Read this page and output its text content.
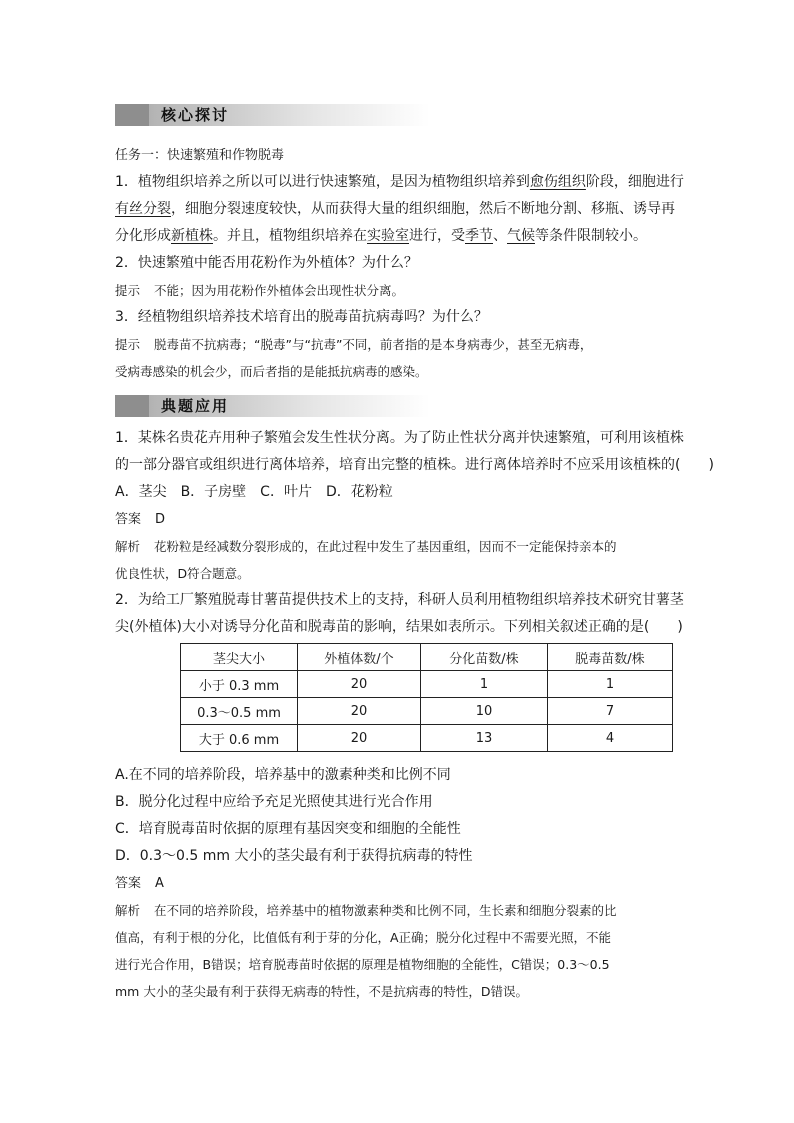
核心探讨
任务一：快速繁殖和作物脱毒
1．植物组织培养之所以可以进行快速繁殖，是因为植物组织培养到愈伤组织阶段，细胞进行
有丝分裂，细胞分裂速度较快，从而获得大量的组织细胞，然后不断地分割、移瓶、诱导再
分化形成新植株。并且，植物组织培养在实验室进行，受季节、气候等条件限制较小。
2．快速繁殖中能否用花粉作为外植体？为什么？
提示 不能；因为用花粉作外植体会出现性状分离。
3．经植物组织培养技术培育出的脱毒苗抗病毒吗？为什么？
提示 脱毒苗不抗病毒；“脱毒”与“抗毒”不同，前者指的是本身病毒少，甚至无病毒，
受病毒感染的机会少，而后者指的是能抵抗病毒的感染。
典题应用
1．某株名贵花卉用种子繁殖会发生性状分离。为了防止性状分离并快速繁殖，可利用该植株
的一部分器官或组织进行离体培养，培育出完整的植株。进行离体培养时不应采用该植株的(　　)
A．茎尖　B．子房壁　C．叶片　D．花粉粒
答案 D
解析 花粉粒是经减数分裂形成的，在此过程中发生了基因重组，因而不一定能保持亲本的
优良性状，D符合题意。
2．为给工厂繁殖脱毒甘薯苗提供技术上的支持，科研人员利用植物组织培养技术研究甘薯茎
尖(外植体)大小对诱导分化苗和脱毒苗的影响，结果如表所示。下列相关叙述正确的是(　　)
茎尖大小	外植体数/个	分化苗数/株	脱毒苗数/株
小于 0.3 mm	20	1	1
0.3～0.5 mm	20	10	7
大于 0.6 mm	20	13	4
A.在不同的培养阶段，培养基中的激素种类和比例不同
B．脱分化过程中应给予充足光照使其进行光合作用
C．培育脱毒苗时依据的原理有基因突变和细胞的全能性
D．0.3～0.5 mm 大小的茎尖最有利于获得抗病毒的特性
答案 A
解析 在不同的培养阶段，培养基中的植物激素种类和比例不同，生长素和细胞分裂素的比
值高，有利于根的分化，比值低有利于芽的分化，A正确；脱分化过程中不需要光照，不能
进行光合作用，B错误；培育脱毒苗时依据的原理是植物细胞的全能性，C错误；0.3～0.5
mm 大小的茎尖最有利于获得无病毒的特性，不是抗病毒的特性，D错误。
